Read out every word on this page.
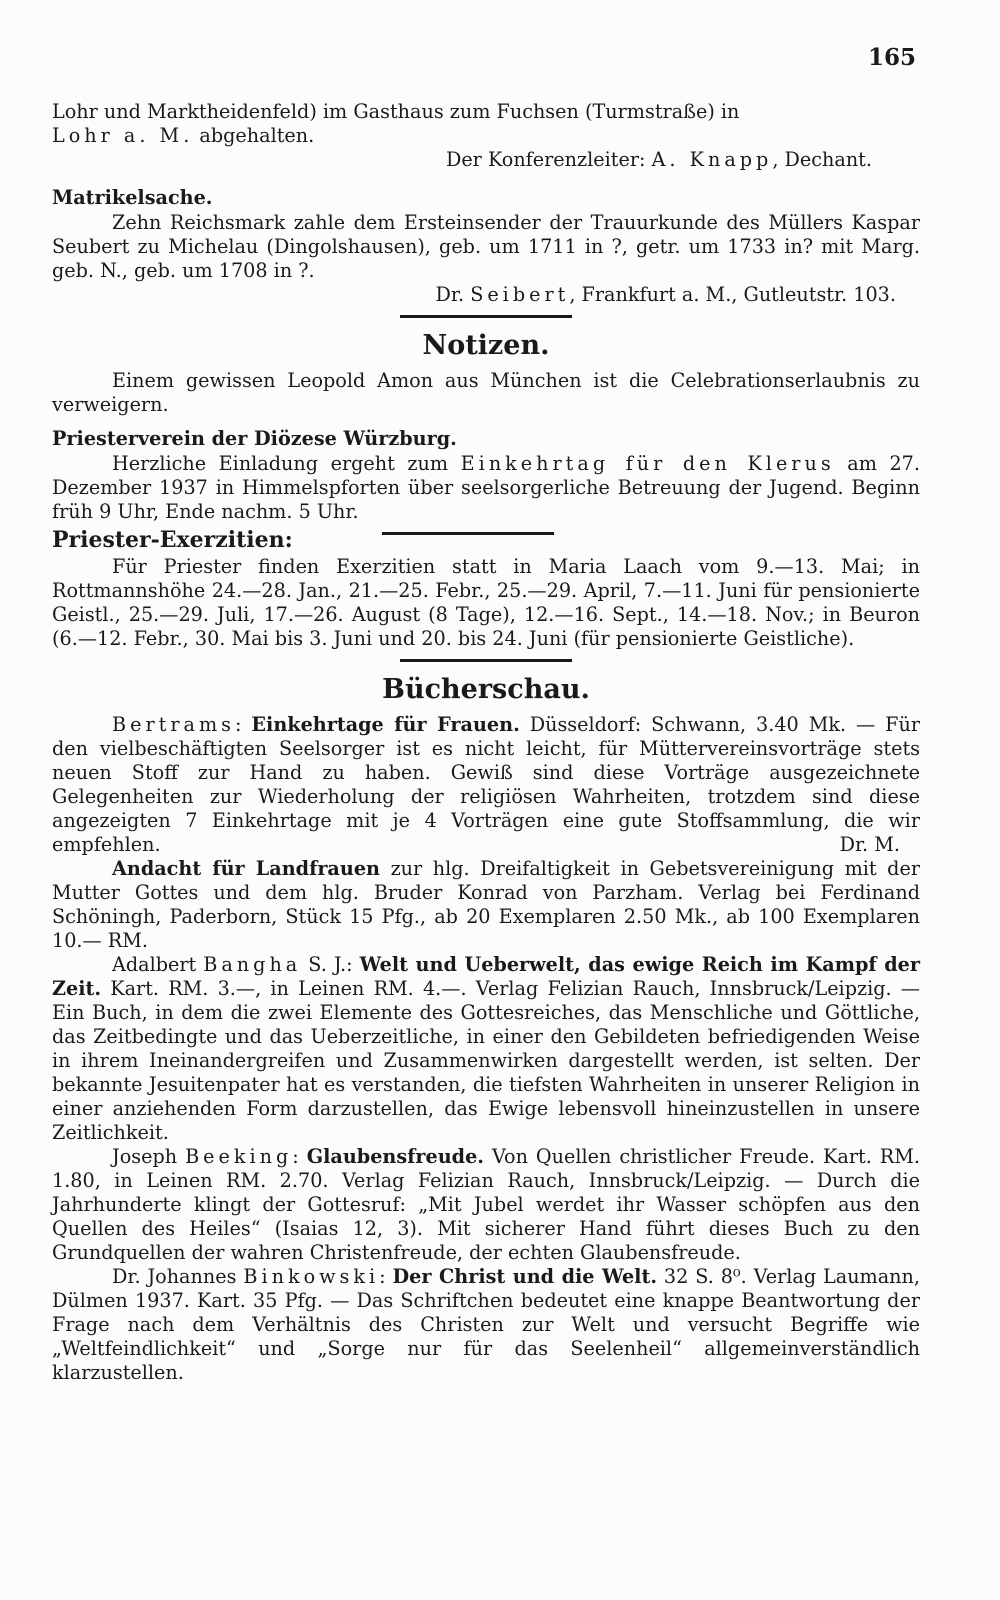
165

Lohr und Marktheidenfeld) im Gasthaus zum Fuchsen (Turmstraße) in

Lohr a. M. abgehalten.

Der Konferenzleiter: A. Knapp, Dechant.

Matrikelsache.

Zehn Reichsmark zahle dem Ersteinsender der Trauurkunde des Müllers Kaspar Seubert zu Michelau (Dingolshausen), geb. um 1711 in ?, getr. um 1733 in? mit Marg. geb. N., geb. um 1708 in ?.

Dr. Seibert, Frankfurt a. M., Gutleutstr. 103.

Notizen.

Einem gewissen Leopold Amon aus München ist die Celebrationserlaubnis zu verweigern.

Priesterverein der Diözese Würzburg.

Herzliche Einladung ergeht zum Einkehrtag für den Klerus am 27. Dezember 1937 in Himmelspforten über seelsorgerliche Betreuung der Jugend. Beginn früh 9 Uhr, Ende nachm. 5 Uhr.

Priester-Exerzitien:

Für Priester finden Exerzitien statt in Maria Laach vom 9.—13. Mai; in Rottmannshöhe 24.—28. Jan., 21.—25. Febr., 25.—29. April, 7.—11. Juni für pensionierte Geistl., 25.—29. Juli, 17.—26. August (8 Tage), 12.—16. Sept., 14.—18. Nov.; in Beuron (6.—12. Febr., 30. Mai bis 3. Juni und 20. bis 24. Juni (für pensionierte Geistliche).

Bücherschau.

Bertrams: Einkehrtage für Frauen. Düsseldorf: Schwann, 3.40 Mk. — Für den vielbeschäftigten Seelsorger ist es nicht leicht, für Müttervereinsvorträge stets neuen Stoff zur Hand zu haben. Gewiß sind diese Vorträge ausgezeichnete Gelegenheiten zur Wiederholung der religiösen Wahrheiten, trotzdem sind diese angezeigten 7 Einkehrtage mit je 4 Vorträgen eine gute Stoffsammlung, die wir empfehlen.	Dr. M.

Andacht für Landfrauen zur hlg. Dreifaltigkeit in Gebetsvereinigung mit der Mutter Gottes und dem hlg. Bruder Konrad von Parzham. Verlag bei Ferdinand Schöningh, Paderborn, Stück 15 Pfg., ab 20 Exemplaren 2.50 Mk., ab 100 Exemplaren 10.— RM.

Adalbert Bangha S. J.: Welt und Ueberwelt, das ewige Reich im Kampf der Zeit. Kart. RM. 3.—, in Leinen RM. 4.—. Verlag Felizian Rauch, Innsbruck/Leipzig. — Ein Buch, in dem die zwei Elemente des Gottesreiches, das Menschliche und Göttliche, das Zeitbedingte und das Ueberzeitliche, in einer den Gebildeten befriedigenden Weise in ihrem Ineinandergreifen und Zusammenwirken dargestellt werden, ist selten. Der bekannte Jesuitenpater hat es verstanden, die tiefsten Wahrheiten in unserer Religion in einer anziehenden Form darzustellen, das Ewige lebensvoll hineinzustellen in unsere Zeitlichkeit.

Joseph Beeking: Glaubensfreude. Von Quellen christlicher Freude. Kart. RM. 1.80, in Leinen RM. 2.70. Verlag Felizian Rauch, Innsbruck/Leipzig. — Durch die Jahrhunderte klingt der Gottesruf: „Mit Jubel werdet ihr Wasser schöpfen aus den Quellen des Heiles“ (Isaias 12, 3). Mit sicherer Hand führt dieses Buch zu den Grundquellen der wahren Christenfreude, der echten Glaubensfreude.

Dr. Johannes Binkowski: Der Christ und die Welt. 32 S. 8⁰. Verlag Laumann, Dülmen 1937. Kart. 35 Pfg. — Das Schriftchen bedeutet eine knappe Beantwortung der Frage nach dem Verhältnis des Christen zur Welt und versucht Begriffe wie „Weltfeindlichkeit“ und „Sorge nur für das Seelenheil“ allgemeinverständlich klarzustellen.
